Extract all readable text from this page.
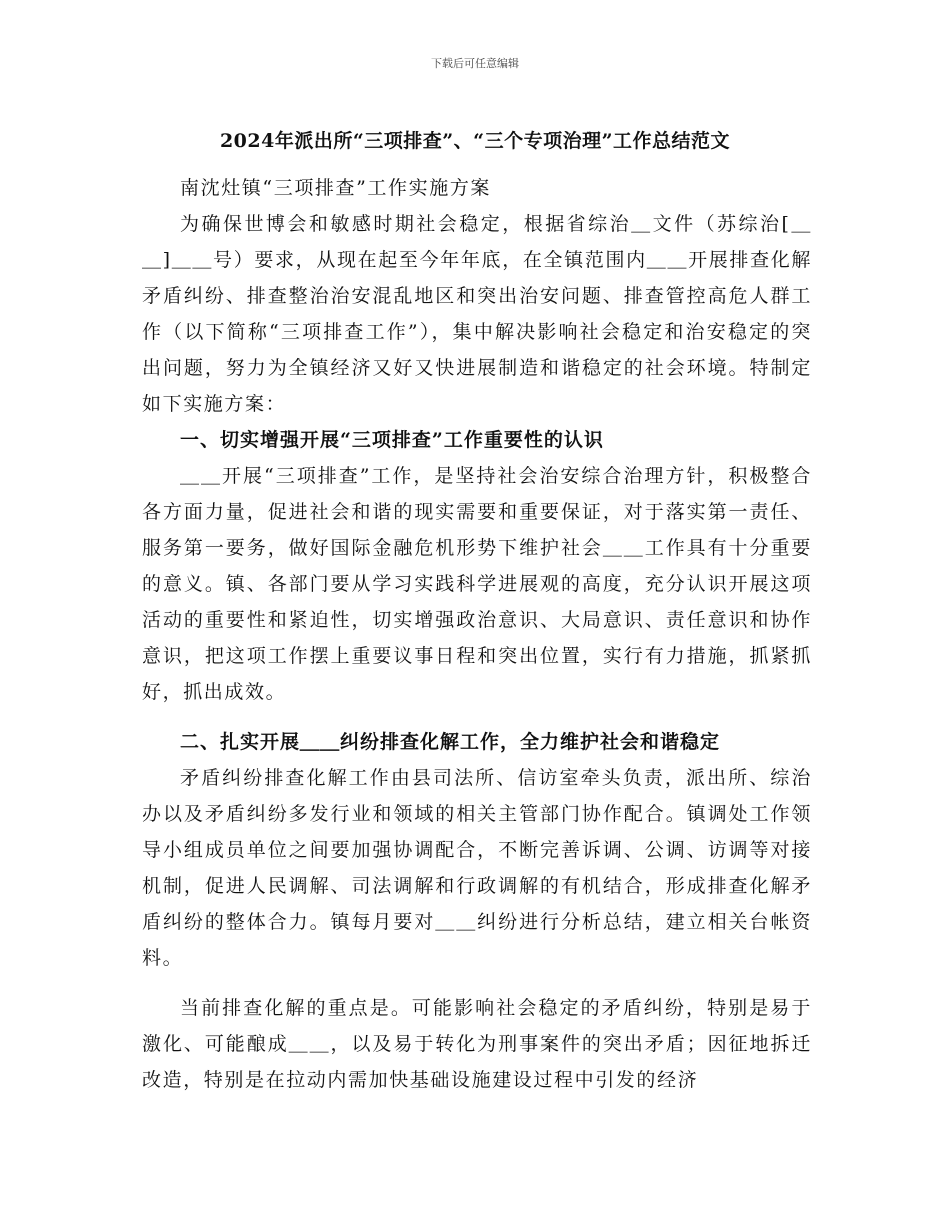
下载后可任意编辑
2024年派出所“三项排查”、“三个专项治理”工作总结范文

南沈灶镇“三项排查”工作实施方案

为确保世博会和敏感时期社会稳定，根据省综治＿文件（苏综治[＿＿]＿＿号）要求，从现在起至今年年底，在全镇范围内＿＿开展排查化解矛盾纠纷、排查整治治安混乱地区和突出治安问题、排查管控高危人群工作（以下简称“三项排查工作”），集中解决影响社会稳定和治安稳定的突出问题，努力为全镇经济又好又快进展制造和谐稳定的社会环境。特制定如下实施方案：

一、切实增强开展“三项排查”工作重要性的认识

＿＿开展“三项排查”工作，是坚持社会治安综合治理方针，积极整合各方面力量，促进社会和谐的现实需要和重要保证，对于落实第一责任、服务第一要务，做好国际金融危机形势下维护社会＿＿工作具有十分重要的意义。镇、各部门要从学习实践科学进展观的高度，充分认识开展这项活动的重要性和紧迫性，切实增强政治意识、大局意识、责任意识和协作意识，把这项工作摆上重要议事日程和突出位置，实行有力措施，抓紧抓好，抓出成效。

二、扎实开展＿＿纠纷排查化解工作，全力维护社会和谐稳定

矛盾纠纷排查化解工作由县司法所、信访室牵头负责，派出所、综治办以及矛盾纠纷多发行业和领域的相关主管部门协作配合。镇调处工作领导小组成员单位之间要加强协调配合，不断完善诉调、公调、访调等对接机制，促进人民调解、司法调解和行政调解的有机结合，形成排查化解矛盾纠纷的整体合力。镇每月要对＿＿纠纷进行分析总结，建立相关台帐资料。

当前排查化解的重点是。可能影响社会稳定的矛盾纠纷，特别是易于激化、可能酿成＿＿，以及易于转化为刑事案件的突出矛盾；因征地拆迁改造，特别是在拉动内需加快基础设施建设过程中引发的经济
